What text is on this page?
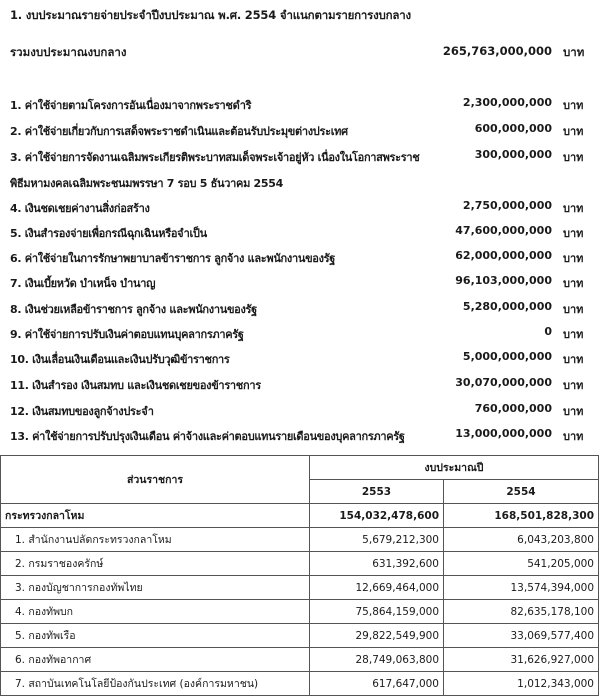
1. งบประมาณรายจ่ายประจำปีงบประมาณ พ.ศ. 2554 จำแนกตามรายการงบกลาง
รวมงบประมาณงบกลาง	265,763,000,000 บาท
1. ค่าใช้จ่ายตามโครงการอันเนื่องมาจากพระราชดำริ	2,300,000,000 บาท
2. ค่าใช้จ่ายเกี่ยวกับการเสด็จพระราชดำเนินและต้อนรับประมุขต่างประเทศ	600,000,000 บาท
3. ค่าใช้จ่ายการจัดงานเฉลิมพระเกียรติพระบาทสมเด็จพระเจ้าอยู่หัว เนื่องในโอกาสพระราช	300,000,000 บาท
พิธีมหามงคลเฉลิมพระชนมพรรษา 7 รอบ 5 ธันวาคม 2554
4. เงินชดเชยค่างานสิ่งก่อสร้าง	2,750,000,000 บาท
5. เงินสำรองจ่ายเพื่อกรณีฉุกเฉินหรือจำเป็น	47,600,000,000 บาท
6. ค่าใช้จ่ายในการรักษาพยาบาลข้าราชการ ลูกจ้าง และพนักงานของรัฐ	62,000,000,000 บาท
7. เงินเบี้ยหวัด บำเหน็จ บำนาญ	96,103,000,000 บาท
8. เงินช่วยเหลือข้าราชการ ลูกจ้าง และพนักงานของรัฐ	5,280,000,000 บาท
9. ค่าใช้จ่ายการปรับเงินค่าตอบแทนบุคลากรภาครัฐ	0 บาท
10. เงินเลื่อนเงินเดือนและเงินปรับวุฒิข้าราชการ	5,000,000,000 บาท
11. เงินสำรอง เงินสมทบ และเงินชดเชยของข้าราชการ	30,070,000,000 บาท
12. เงินสมทบของลูกจ้างประจำ	760,000,000 บาท
13. ค่าใช้จ่ายการปรับปรุงเงินเดือน ค่าจ้างและค่าตอบแทนรายเดือนของบุคลากรภาครัฐ	13,000,000,000 บาท
ส่วนราชการ	งบประมาณปี	
	2553	2554
กระทรวงกลาโหม	154,032,478,600	168,501,828,300
1. สำนักงานปลัดกระทรวงกลาโหม	5,679,212,300	6,043,203,800
2. กรมราชองครักษ์	631,392,600	541,205,000
3. กองบัญชาการกองทัพไทย	12,669,464,000	13,574,394,000
4. กองทัพบก	75,864,159,000	82,635,178,100
5. กองทัพเรือ	29,822,549,900	33,069,577,400
6. กองทัพอากาศ	28,749,063,800	31,626,927,000
7. สถาบันเทคโนโลยีป้องกันประเทศ (องค์การมหาชน)	617,647,000	1,012,343,000
